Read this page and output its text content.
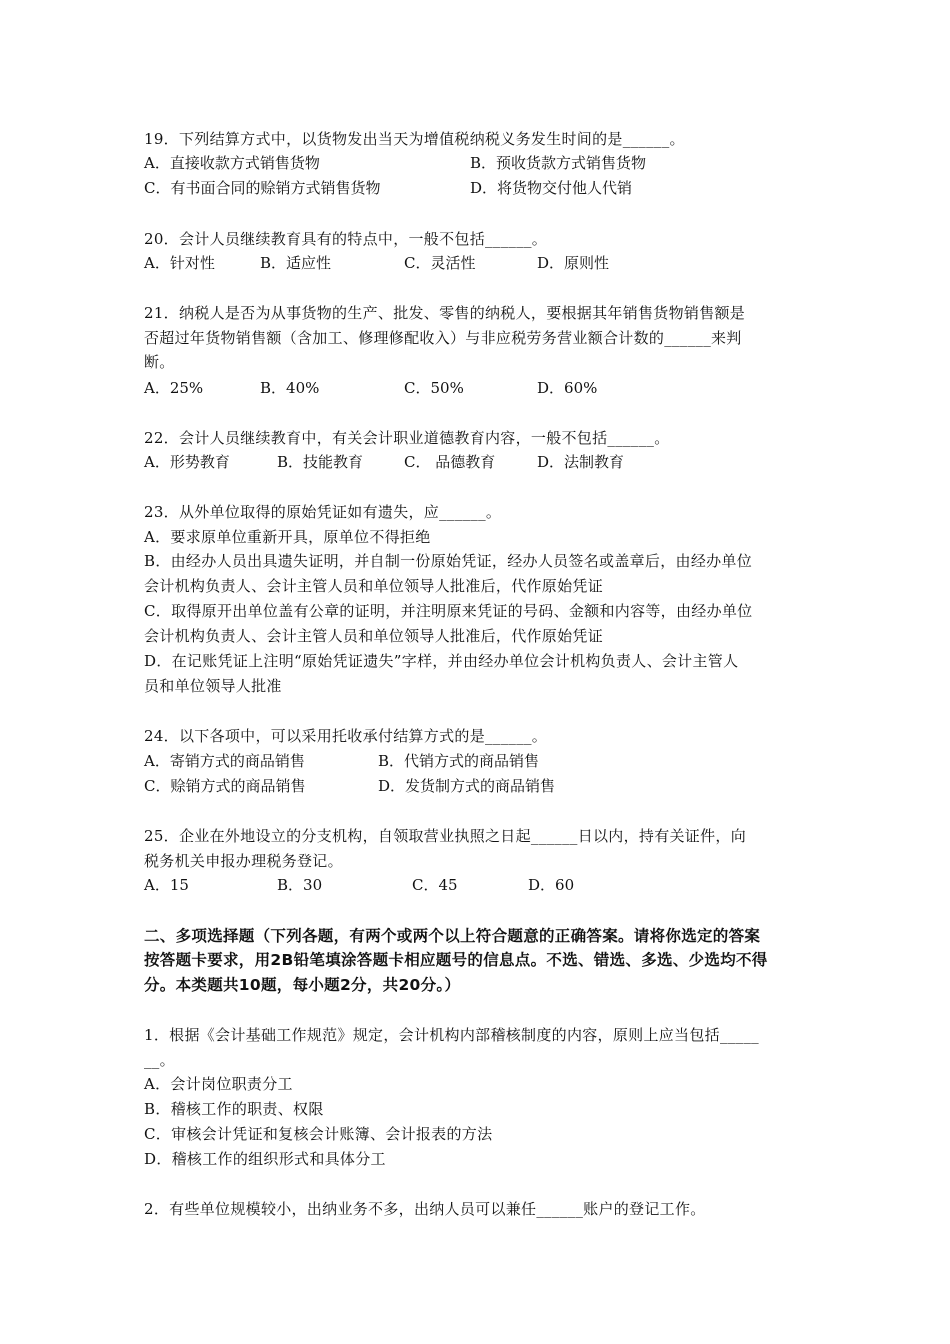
19．下列结算方式中，以货物发出当天为增值税纳税义务发生时间的是______。
A．直接收款方式销售货物	B．预收货款方式销售货物
C．有书面合同的赊销方式销售货物	D．将货物交付他人代销
20．会计人员继续教育具有的特点中，一般不包括______。
A．针对性	B．适应性	C．灵活性	D．原则性
21．纳税人是否为从事货物的生产、批发、零售的纳税人，要根据其年销售货物销售额是
否超过年货物销售额（含加工、修理修配收入）与非应税劳务营业额合计数的______来判
断。
A．25%	B．40%	C．50%	D．60%
22．会计人员继续教育中，有关会计职业道德教育内容，一般不包括______。
A．形势教育	B．技能教育	C． 品德教育	D．法制教育
23．从外单位取得的原始凭证如有遗失，应______。
A．要求原单位重新开具，原单位不得拒绝
B．由经办人员出具遗失证明，并自制一份原始凭证，经办人员签名或盖章后，由经办单位
会计机构负责人、会计主管人员和单位领导人批准后，代作原始凭证
C．取得原开出单位盖有公章的证明，并注明原来凭证的号码、金额和内容等，由经办单位
会计机构负责人、会计主管人员和单位领导人批准后，代作原始凭证
D．在记账凭证上注明“原始凭证遗失”字样，并由经办单位会计机构负责人、会计主管人
员和单位领导人批准
24．以下各项中，可以采用托收承付结算方式的是______。
A．寄销方式的商品销售	B．代销方式的商品销售
C．赊销方式的商品销售	D．发货制方式的商品销售
25．企业在外地设立的分支机构，自领取营业执照之日起______日以内，持有关证件，向
税务机关申报办理税务登记。
A．15	B．30	C．45	D．60
二、多项选择题（下列各题，有两个或两个以上符合题意的正确答案。请将你选定的答案
按答题卡要求，用2B铅笔填涂答题卡相应题号的信息点。不选、错选、多选、少选均不得
分。本类题共10题，每小题2分，共20分。）
1．根据《会计基础工作规范》规定，会计机构内部稽核制度的内容，原则上应当包括_____
__。
A．会计岗位职责分工
B．稽核工作的职责、权限
C．审核会计凭证和复核会计账簿、会计报表的方法
D．稽核工作的组织形式和具体分工
2．有些单位规模较小，出纳业务不多，出纳人员可以兼任______账户的登记工作。
